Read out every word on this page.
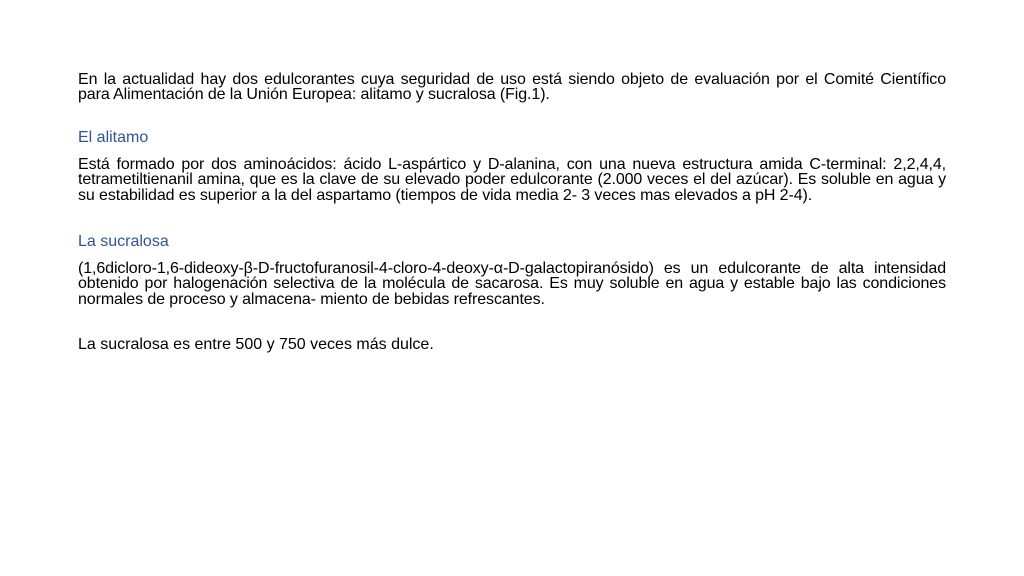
En la actualidad hay dos edulcorantes cuya seguridad de uso está siendo objeto de evaluación por el Comité Científico para Alimentación de la Unión Europea: alitamo y sucralosa (Fig.1).

El alitamo

Está formado por dos aminoácidos: ácido L-aspártico y D-alanina, con una nueva estructura amida C-terminal: 2,2,4,4, tetrametiltienanil amina, que es la clave de su elevado poder edulcorante (2.000 veces el del azúcar). Es soluble en agua y su estabilidad es superior a la del aspartamo (tiempos de vida media 2- 3 veces mas elevados a pH 2-4).

La sucralosa

(1,6dicloro-1,6-dideoxy-β-D-fructofuranosil-4-cloro-4-deoxy-α-D-galactopiranósido) es un edulcorante de alta intensidad obtenido por halogenación selectiva de la molécula de sacarosa. Es muy soluble en agua y estable bajo las condiciones normales de proceso y almacena- miento de bebidas refrescantes.

La sucralosa es entre 500 y 750 veces más dulce.
